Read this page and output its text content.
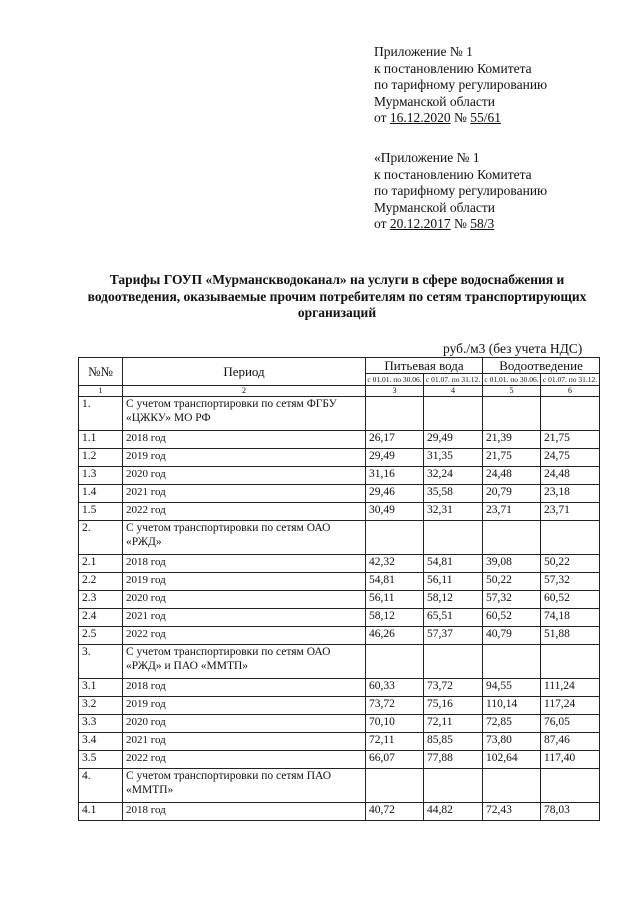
Приложение № 1
к постановлению Комитета
по тарифному регулированию
Мурманской области
от 16.12.2020 № 55/61
«Приложение № 1
к постановлению Комитета
по тарифному регулированию
Мурманской области
от 20.12.2017 № 58/3
Тарифы ГОУП «Мурманскводоканал» на услуги в сфере водоснабжения и водоотведения, оказываемые прочим потребителям по сетям транспортирующих организаций
руб./м3 (без учета НДС)
№№	Период	Питьевая вода		Водоотведение	
		с 01.01. по 30.06.	с 01.07. по 31.12.	с 01.01. по 30.06.	с 01.07. по 31.12.
1	2	3	4	5	6
1.	С учетом транспортировки по сетям ФГБУ «ЦЖКУ» МО РФ				
1.1	2018 год	26,17	29,49	21,39	21,75
1.2	2019 год	29,49	31,35	21,75	24,75
1.3	2020 год	31,16	32,24	24,48	24,48
1.4	2021 год	29,46	35,58	20,79	23,18
1.5	2022 год	30,49	32,31	23,71	23,71
2.	С учетом транспортировки по сетям ОАО «РЖД»				
2.1	2018 год	42,32	54,81	39,08	50,22
2.2	2019 год	54,81	56,11	50,22	57,32
2.3	2020 год	56,11	58,12	57,32	60,52
2.4	2021 год	58,12	65,51	60,52	74,18
2.5	2022 год	46,26	57,37	40,79	51,88
3.	С учетом транспортировки по сетям ОАО «РЖД» и ПАО «ММТП»				
3.1	2018 год	60,33	73,72	94,55	111,24
3.2	2019 год	73,72	75,16	110,14	117,24
3.3	2020 год	70,10	72,11	72,85	76,05
3.4	2021 год	72,11	85,85	73,80	87,46
3.5	2022 год	66,07	77,88	102,64	117,40
4.	С учетом транспортировки по сетям ПАО «ММТП»				
4.1	2018 год	40,72	44,82	72,43	78,03
